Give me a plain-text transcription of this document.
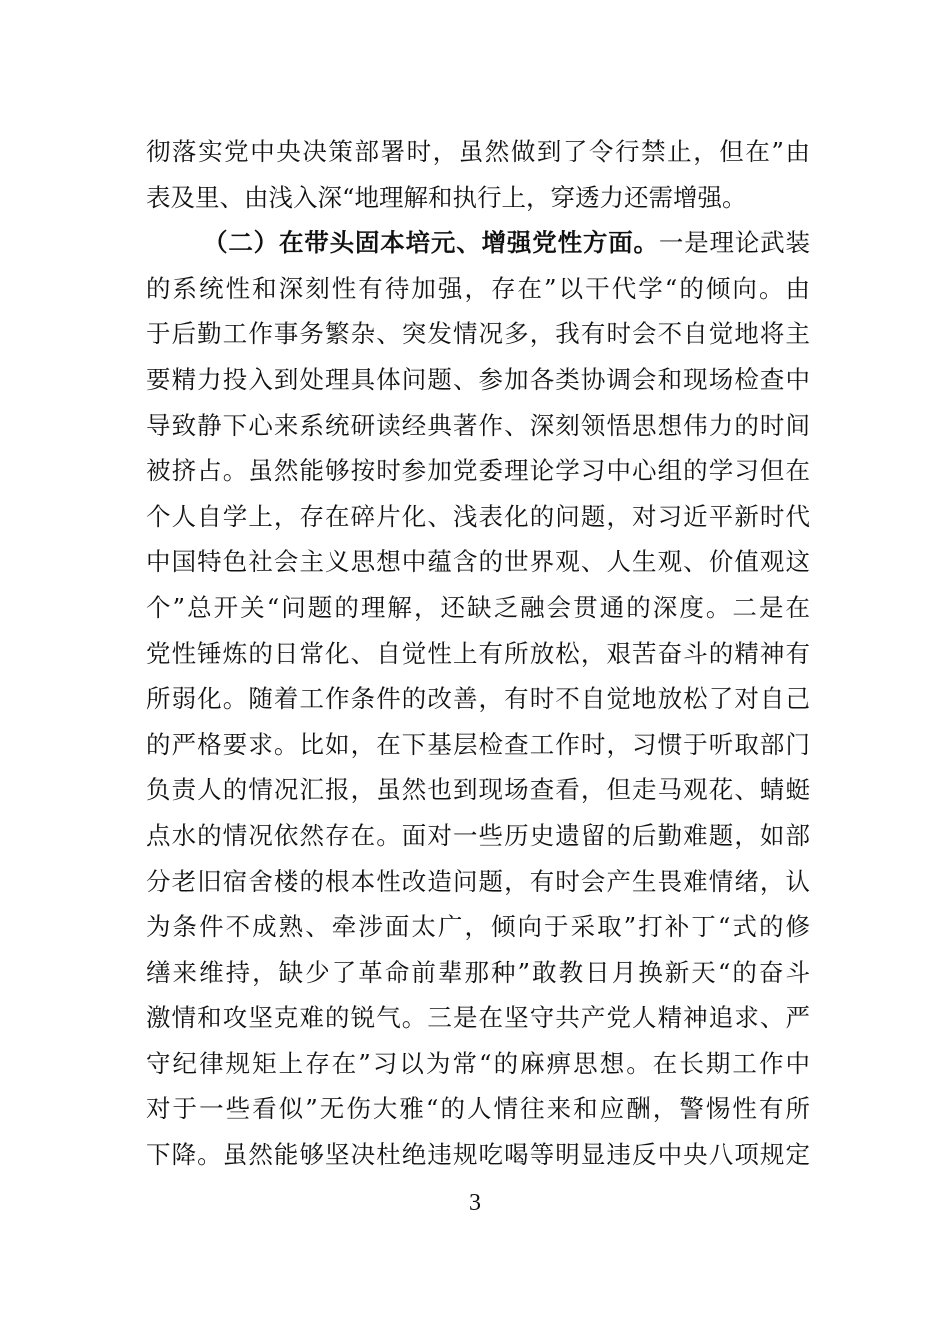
彻落实党中央决策部署时，虽然做到了令行禁止，但在”由
表及里、由浅入深“地理解和执行上，穿透力还需增强。
（二）在带头固本培元、增强党性方面。一是理论武装
的系统性和深刻性有待加强，存在”以干代学“的倾向。由
于后勤工作事务繁杂、突发情况多，我有时会不自觉地将主
要精力投入到处理具体问题、参加各类协调会和现场检查中
导致静下心来系统研读经典著作、深刻领悟思想伟力的时间
被挤占。虽然能够按时参加党委理论学习中心组的学习但在
个人自学上，存在碎片化、浅表化的问题，对习近平新时代
中国特色社会主义思想中蕴含的世界观、人生观、价值观这
个”总开关“问题的理解，还缺乏融会贯通的深度。二是在
党性锤炼的日常化、自觉性上有所放松，艰苦奋斗的精神有
所弱化。随着工作条件的改善，有时不自觉地放松了对自己
的严格要求。比如，在下基层检查工作时，习惯于听取部门
负责人的情况汇报，虽然也到现场查看，但走马观花、蜻蜓
点水的情况依然存在。面对一些历史遗留的后勤难题，如部
分老旧宿舍楼的根本性改造问题，有时会产生畏难情绪，认
为条件不成熟、牵涉面太广，倾向于采取”打补丁“式的修
缮来维持，缺少了革命前辈那种”敢教日月换新天“的奋斗
激情和攻坚克难的锐气。三是在坚守共产党人精神追求、严
守纪律规矩上存在”习以为常“的麻痹思想。在长期工作中
对于一些看似”无伤大雅“的人情往来和应酬，警惕性有所
下降。虽然能够坚决杜绝违规吃喝等明显违反中央八项规定
3
